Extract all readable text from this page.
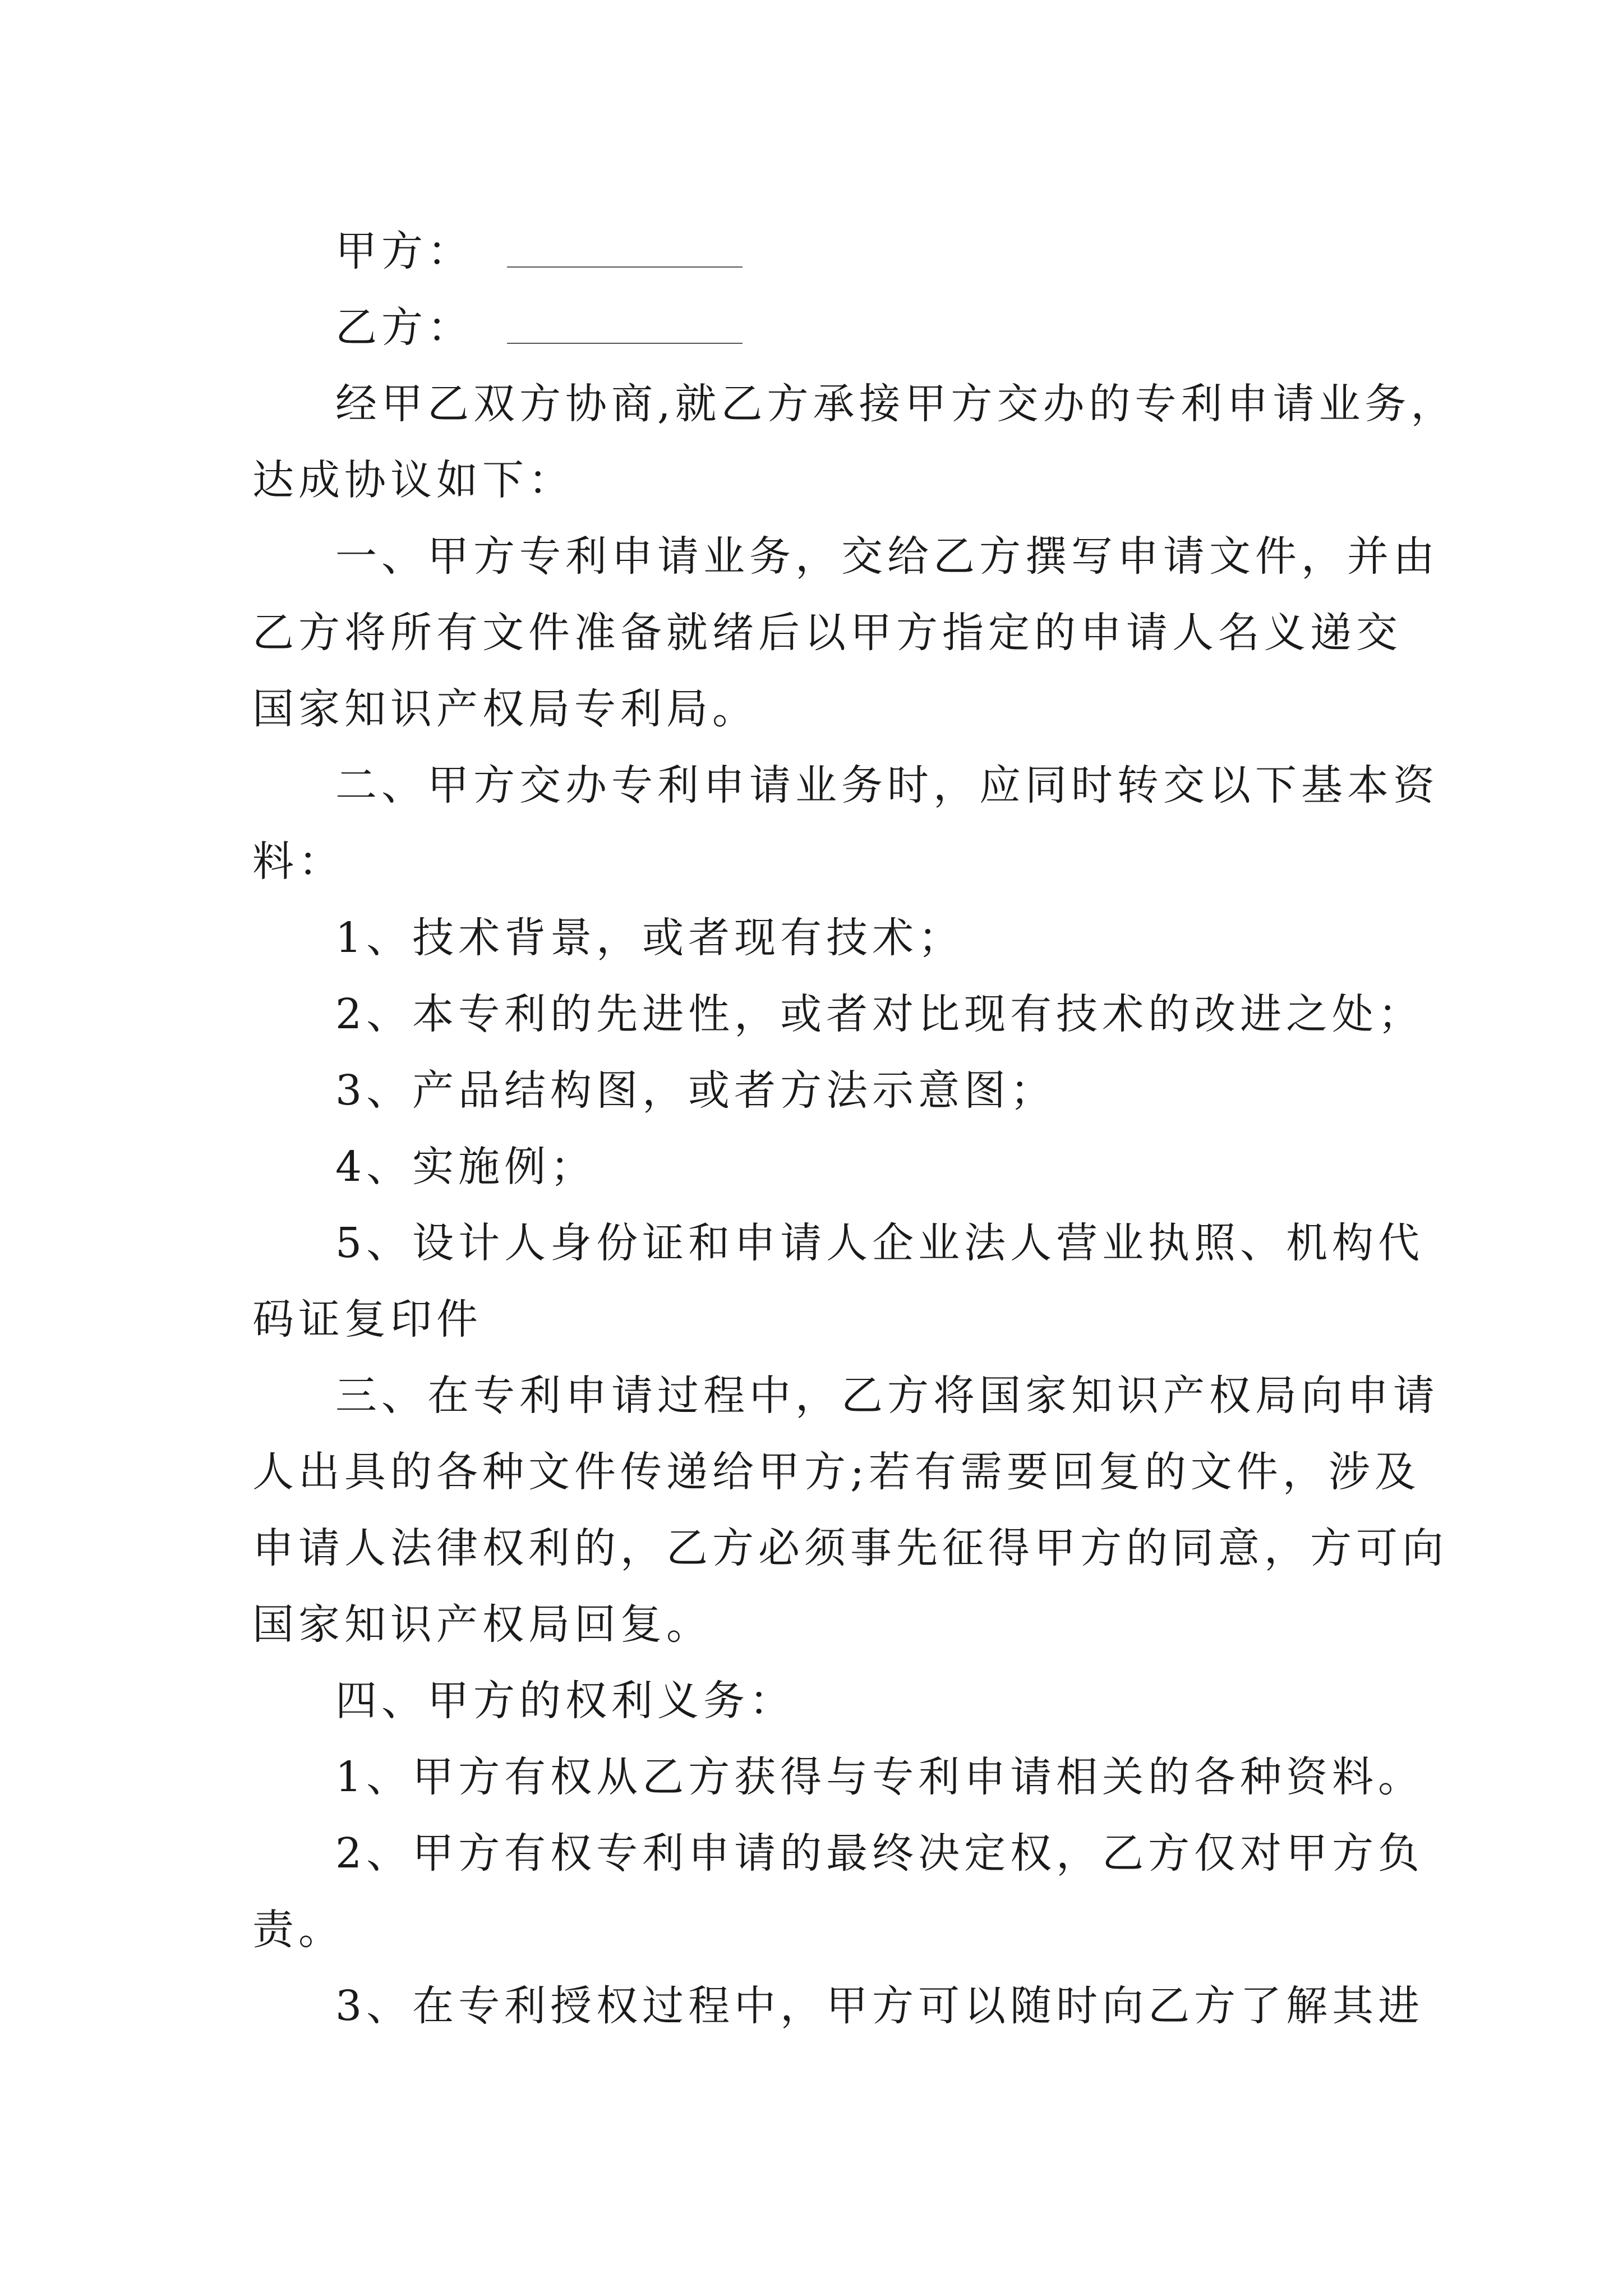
甲方：
乙方：
经甲乙双方协商,就乙方承接甲方交办的专利申请业务，
达成协议如下：
一、甲方专利申请业务，交给乙方撰写申请文件，并由
乙方将所有文件准备就绪后以甲方指定的申请人名义递交
国家知识产权局专利局。
二、甲方交办专利申请业务时，应同时转交以下基本资
料：
1、技术背景，或者现有技术；
2、本专利的先进性，或者对比现有技术的改进之处；
3、产品结构图，或者方法示意图；
4、实施例；
5、设计人身份证和申请人企业法人营业执照、机构代
码证复印件
三、在专利申请过程中，乙方将国家知识产权局向申请
人出具的各种文件传递给甲方;若有需要回复的文件，涉及
申请人法律权利的，乙方必须事先征得甲方的同意，方可向
国家知识产权局回复。
四、甲方的权利义务：
1、甲方有权从乙方获得与专利申请相关的各种资料。
2、甲方有权专利申请的最终决定权，乙方仅对甲方负
责。
3、在专利授权过程中，甲方可以随时向乙方了解其进
